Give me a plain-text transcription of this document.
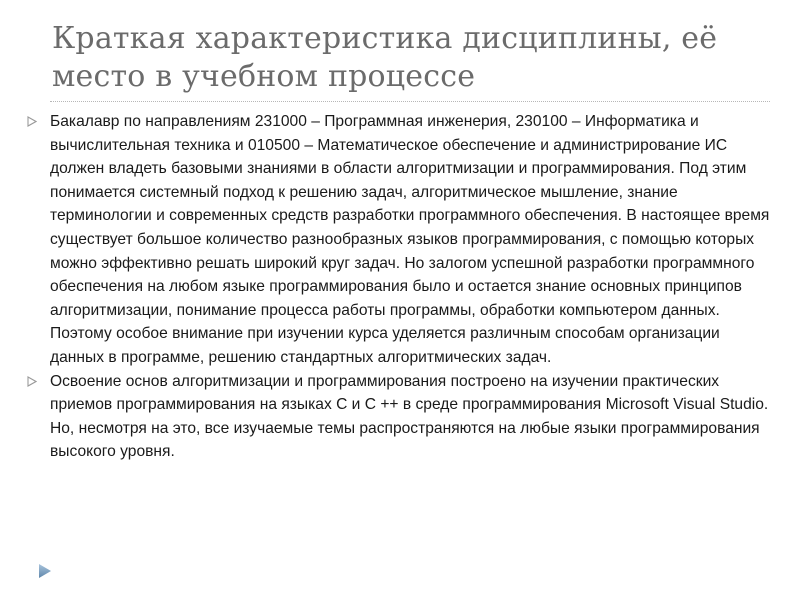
Краткая характеристика дисциплины, её место в учебном процессе

Бакалавр по направлениям 231000 – Программная инженерия, 230100 – Информатика и вычислительная техника и 010500 – Математическое обеспечение и администрирование ИС должен владеть базовыми знаниями в области алгоритмизации и программирования. Под этим понимается системный подход к решению задач, алгоритмическое мышление, знание терминологии и современных средств разработки программного обеспечения. В настоящее время существует большое количество разнообразных языков программирования, с помощью которых можно эффективно решать широкий круг задач. Но залогом успешной разработки программного обеспечения на любом языке программирования было и остается знание основных принципов алгоритмизации, понимание процесса работы программы, обработки компьютером данных. Поэтому особое внимание при изучении курса уделяется различным способам организации данных в программе, решению стандартных алгоритмических задач.

Освоение основ алгоритмизации и программирования построено на изучении практических приемов программирования на языках С и С ++ в среде программирования Microsoft Visual Studio. Но, несмотря на это, все изучаемые темы распространяются на любые языки программирования высокого уровня.
